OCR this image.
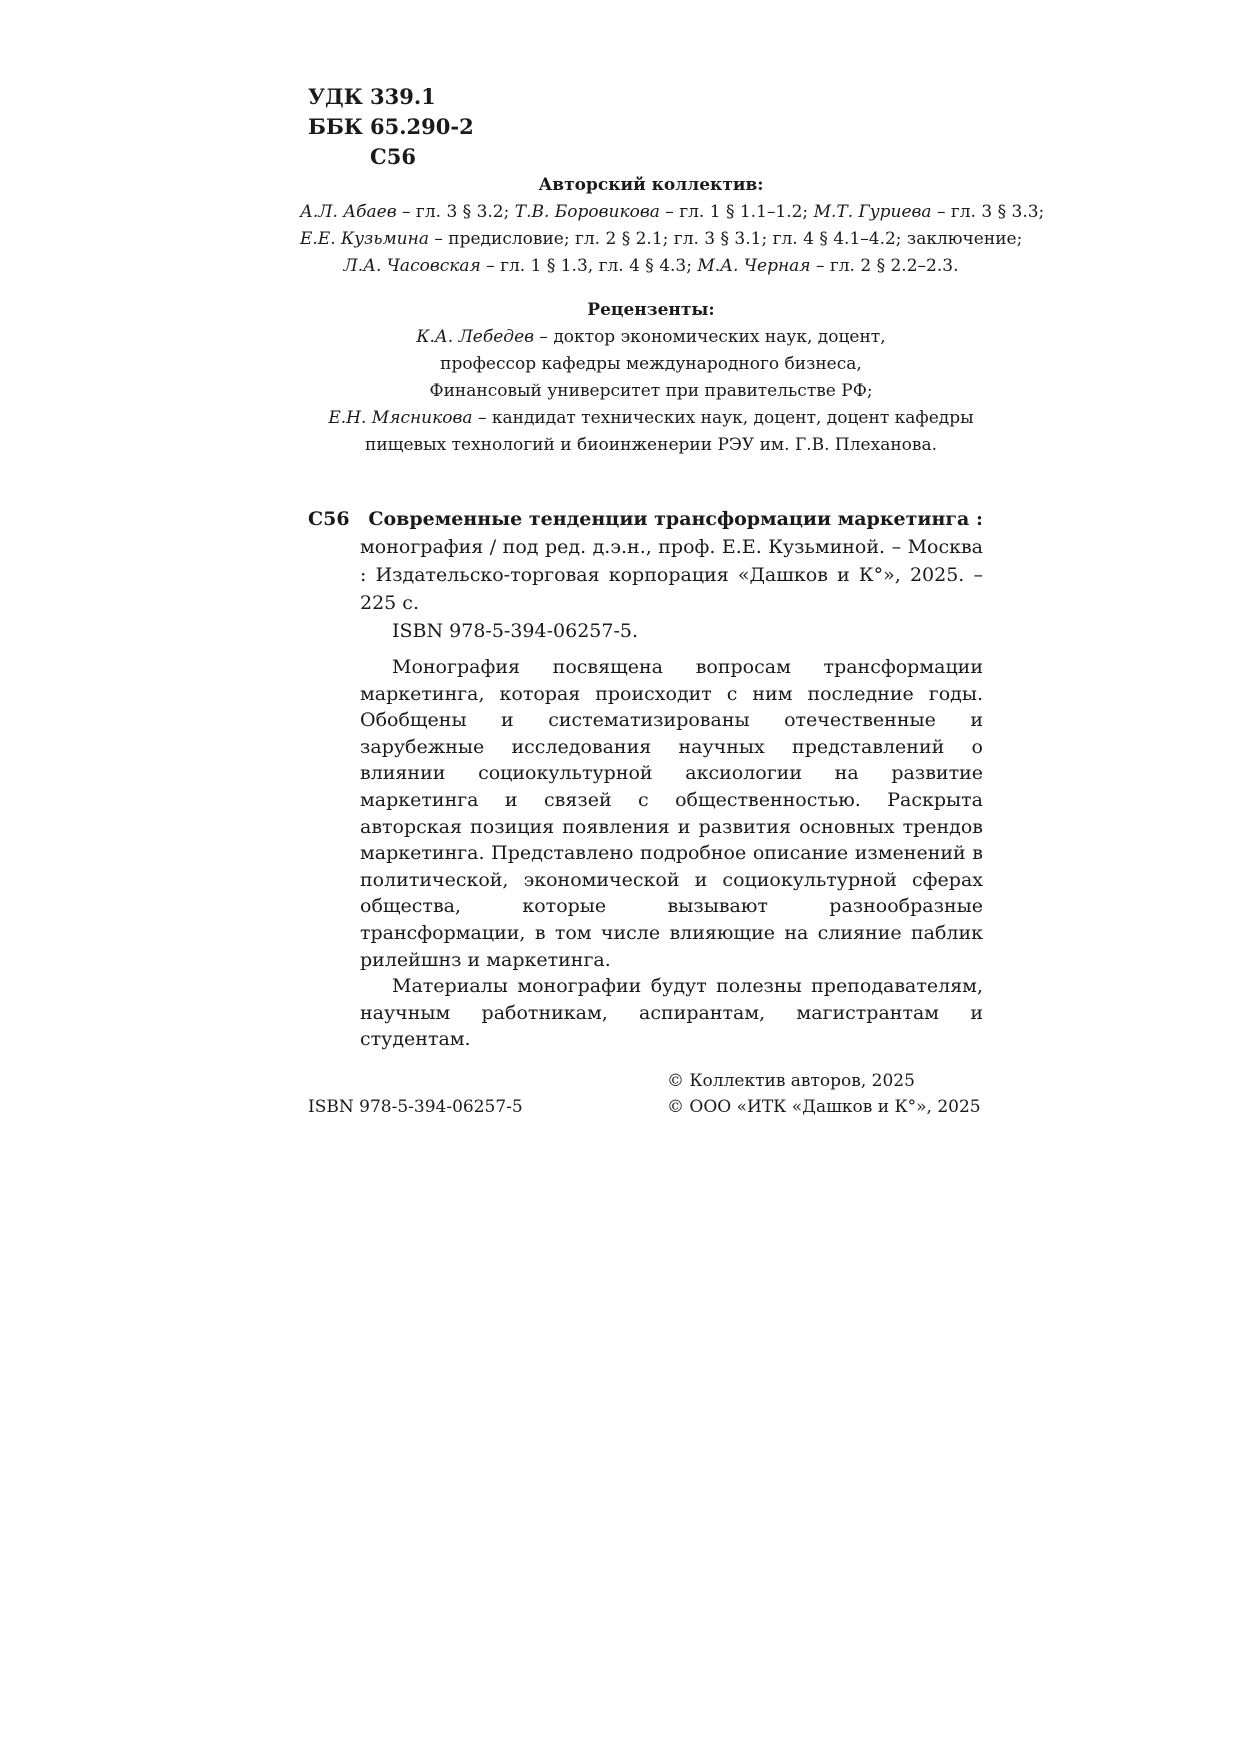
УДК 339.1
ББК 65.290-2
С56
Авторский коллектив:
А.Л. Абаев – гл. 3 § 3.2; Т.В. Боровикова – гл. 1 § 1.1–1.2; М.Т. Гуриева – гл. 3 § 3.3;
Е.Е. Кузьмина – предисловие; гл. 2 § 2.1; гл. 3 § 3.1; гл. 4 § 4.1–4.2; заключение;
Л.А. Часовская – гл. 1 § 1.3, гл. 4 § 4.3; М.А. Черная – гл. 2 § 2.2–2.3.
Рецензенты:
К.А. Лебедев – доктор экономических наук, доцент,
профессор кафедры международного бизнеса,
Финансовый университет при правительстве РФ;
Е.Н. Мясникова – кандидат технических наук, доцент, доцент кафедры
пищевых технологий и биоинженерии РЭУ им. Г.В. Плеханова.
С56 Современные тенденции трансформации маркетинга :
монография / под ред. д.э.н., проф. Е.Е. Кузьминой. – Москва : Издательско-торговая корпорация «Дашков и К°», 2025. – 225 с.
ISBN 978-5-394-06257-5.

Монография посвящена вопросам трансформации маркетинга, которая происходит с ним последние годы. Обобщены и систематизированы отечественные и зарубежные исследования научных представлений о влиянии социокультурной аксиологии на развитие маркетинга и связей с общественностью. Раскрыта авторская позиция появления и развития основных трендов маркетинга. Представлено подробное описание изменений в политической, экономической и социокультурной сферах общества, которые вызывают разнообразные трансформации, в том числе влияющие на слияние паблик рилейшнз и маркетинга.

Материалы монографии будут полезны преподавателям, научным работникам, аспирантам, магистрантам и студентам.

ISBN 978-5-394-06257-5
© Коллектив авторов, 2025
© ООО «ИТК «Дашков и К°», 2025
